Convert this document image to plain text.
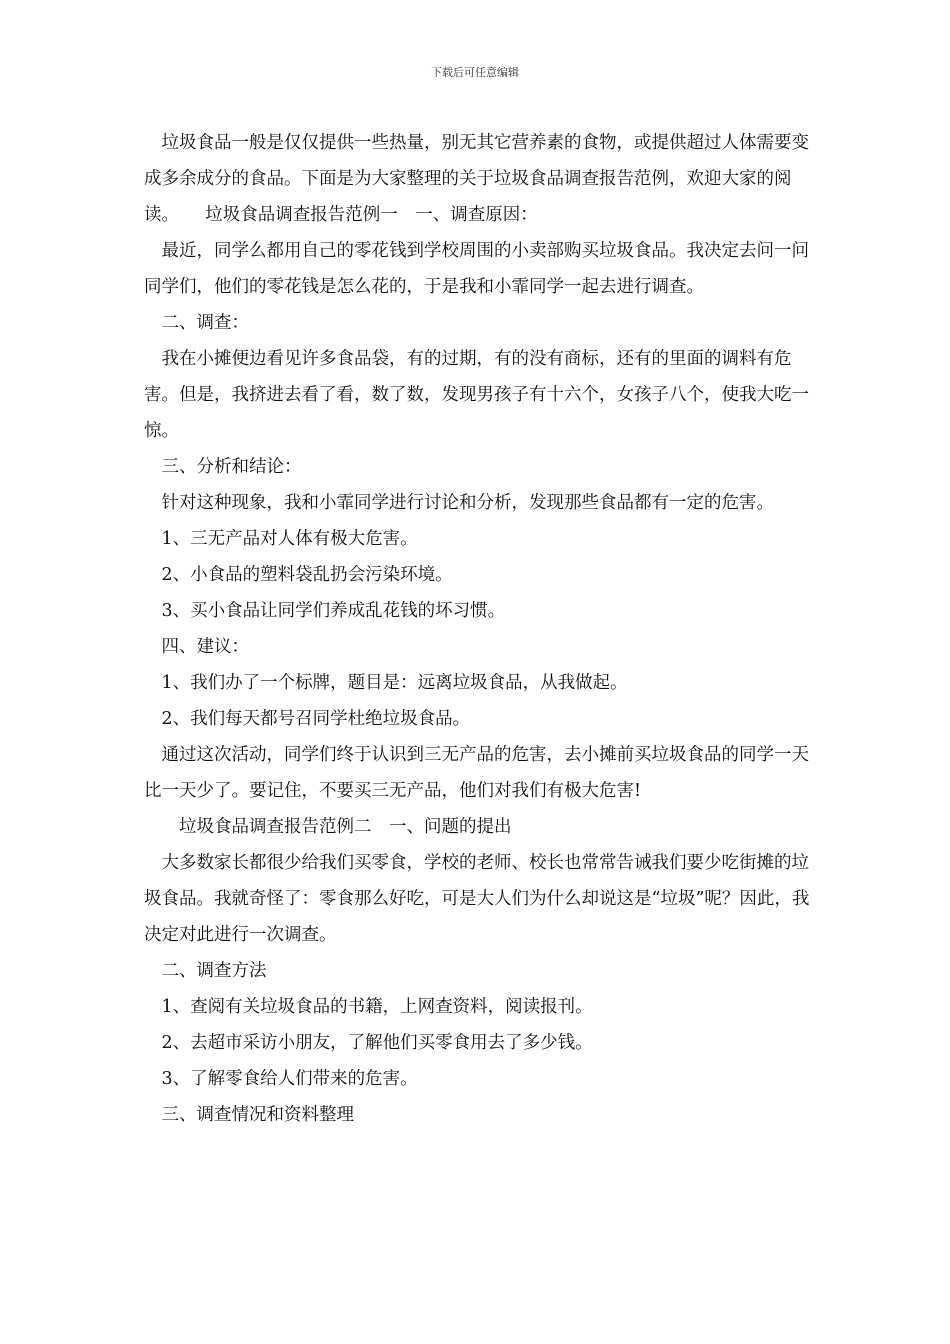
下载后可任意编辑

　垃圾食品一般是仅仅提供一些热量，别无其它营养素的食物，或提供超过人体需要变成多余成分的食品。下面是为大家整理的关于垃圾食品调查报告范例，欢迎大家的阅读。　　垃圾食品调查报告范例一　一、调查原因：

　最近，同学么都用自己的零花钱到学校周围的小卖部购买垃圾食品。我决定去问一问同学们，他们的零花钱是怎么花的，于是我和小霏同学一起去进行调查。

　二、调查：

　我在小摊便边看见许多食品袋，有的过期，有的没有商标，还有的里面的调料有危害。但是，我挤进去看了看，数了数，发现男孩子有十六个，女孩子八个，使我大吃一惊。

　三、分析和结论：

　针对这种现象，我和小霏同学进行讨论和分析，发现那些食品都有一定的危害。

　1、三无产品对人体有极大危害。

　2、小食品的塑料袋乱扔会污染环境。

　3、买小食品让同学们养成乱花钱的坏习惯。

　四、建议：

　1、我们办了一个标牌，题目是：远离垃圾食品，从我做起。

　2、我们每天都号召同学杜绝垃圾食品。

　通过这次活动，同学们终于认识到三无产品的危害，去小摊前买垃圾食品的同学一天比一天少了。要记住，不要买三无产品，他们对我们有极大危害!

　　垃圾食品调查报告范例二　一、问题的提出

　大多数家长都很少给我们买零食，学校的老师、校长也常常告诫我们要少吃街摊的垃圾食品。我就奇怪了：零食那么好吃，可是大人们为什么却说这是“垃圾”呢？因此，我决定对此进行一次调查。

　二、调查方法

　1、查阅有关垃圾食品的书籍，上网查资料，阅读报刊。

　2、去超市采访小朋友，了解他们买零食用去了多少钱。

　3、了解零食给人们带来的危害。

　三、调查情况和资料整理
